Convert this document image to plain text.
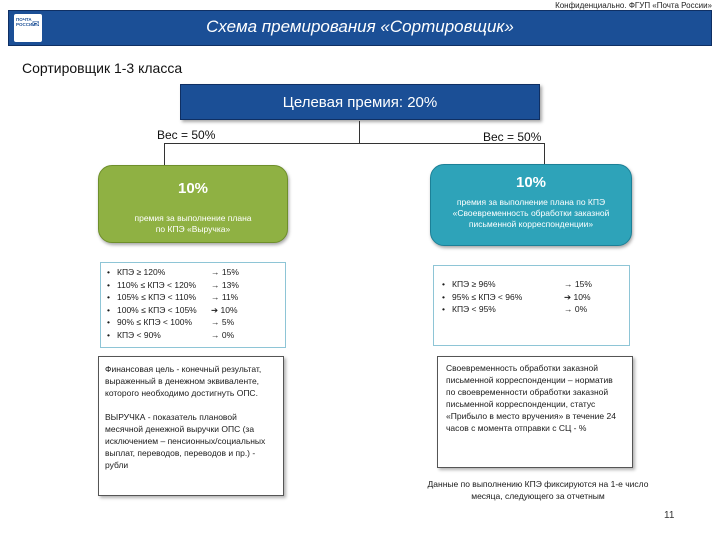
Конфиденциально. ФГУП «Почта России»
ПОЧТА РОССИИ
✉	Схема премирования «Сортировщик»
Сортировщик 1-3 класса
Целевая премия: 20%
Вес = 50%	Вес = 50%
10%
премия за выполнение плана по КПЭ «Выручка»
10%
премия за выполнение плана по КПЭ «Своевременность обработки заказной письменной корреспонденции»
• КПЭ ≥ 120%	→ 15%
• 110% ≤ КПЭ < 120% → 13%
• 105% ≤ КПЭ < 110% → 11%
• 100% ≤ КПЭ < 105% ➔ 10%
• 90% ≤ КПЭ < 100% → 5%
• КПЭ < 90%	→ 0%
• КПЭ ≥ 96%	→ 15%
• 95% ≤ КПЭ < 96%	➔ 10%
• КПЭ < 95%	→ 0%

Финансовая цель - конечный результат, выраженный в денежном эквиваленте, которого необходимо достигнуть ОПС.

ВЫРУЧКА - показатель плановой месячной денежной выручки ОПС (за исключением – пенсионных/социальных выплат, переводов, переводов и пр.) - рубли

Своевременность обработки заказной письменной корреспонденции – норматив по своевременности обработки заказной письменной корреспонденции, статус «Прибыло в место вручения» в течение 24 часов с момента отправки с СЦ - %

Данные по выполнению КПЭ фиксируются на 1-е число месяца, следующего за отчетным
11
